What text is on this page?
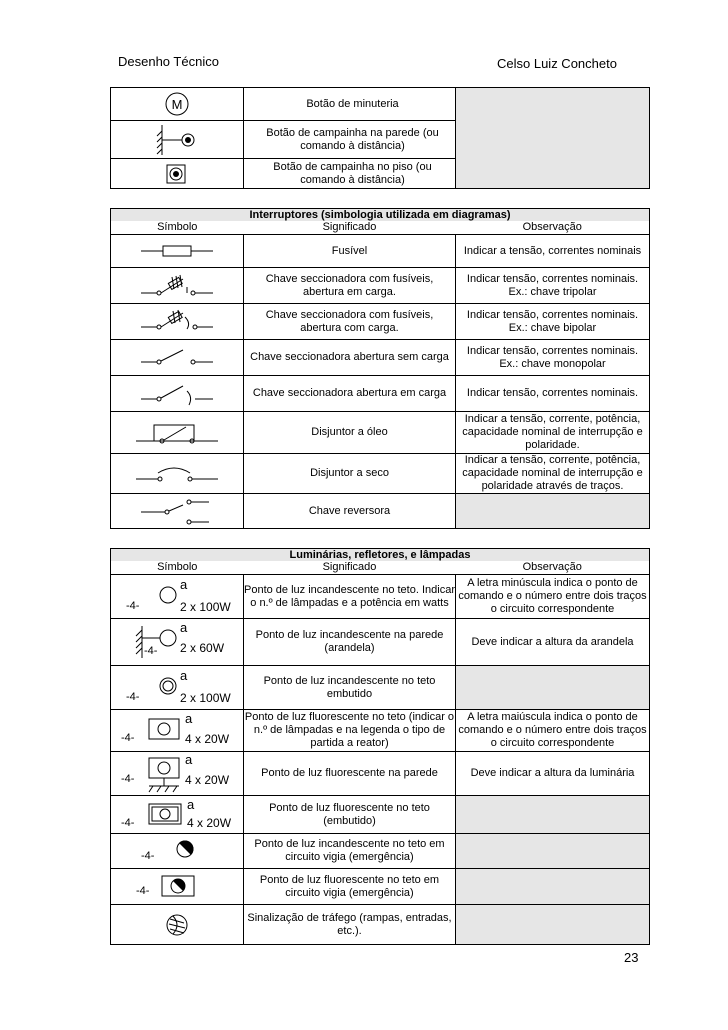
Desenho Técnico	Celso Luiz Concheto
M	Botão de minuteria	

	Botão de campainha na parede (ou comando à distância)	

	Botão de campainha no piso (ou comando à distância)	
Interruptores (simbologia utilizada em diagramas)		
Símbolo	Significado	Observação

	Fusível	Indicar a tensão, correntes nominais

	Chave seccionadora com fusíveis, abertura em carga.	Indicar tensão, correntes nominais. Ex.: chave tripolar

	Chave seccionadora com fusíveis, abertura com carga.	Indicar tensão, correntes nominais. Ex.: chave bipolar

	Chave seccionadora abertura sem carga	Indicar tensão, correntes nominais. Ex.: chave monopolar

	Chave seccionadora abertura em carga	Indicar tensão, correntes nominais.

	Disjuntor a óleo	Indicar a tensão, corrente, potência, capacidade nominal de interrupção e polaridade.

	Disjuntor a seco	Indicar a tensão, corrente, potência, capacidade nominal de interrupção e polaridade através de traços.

	Chave reversora	
Luminárias, refletores, e lâmpadas		
Símbolo	Significado	Observação

-4-
a
2 x 100W	Ponto de luz incandescente no teto. Indicar o n.º de lâmpadas e a potência em watts	A letra minúscula indica o ponto de comando e o número entre dois traços o circuito correspondente

-4-
a
2 x 60W	Ponto de luz incandescente na parede (arandela)	Deve indicar a altura da arandela

-4-
a
2 x 100W	Ponto de luz incandescente no teto embutido	

-4-
a
4 x 20W	Ponto de luz fluorescente no teto (indicar o n.º de lâmpadas e na legenda o tipo de partida a reator)	A letra maiúscula indica o ponto de comando e o número entre dois traços o circuito correspondente

-4-
a
4 x 20W	Ponto de luz fluorescente na parede	Deve indicar a altura da luminária

-4-
a
4 x 20W	Ponto de luz fluorescente no teto (embutido)	

-4-	Ponto de luz incandescente no teto em circuito vigia (emergência)	

-4-	Ponto de luz fluorescente no teto em circuito vigia (emergência)	

	Sinalização de tráfego (rampas, entradas, etc.).	
23
